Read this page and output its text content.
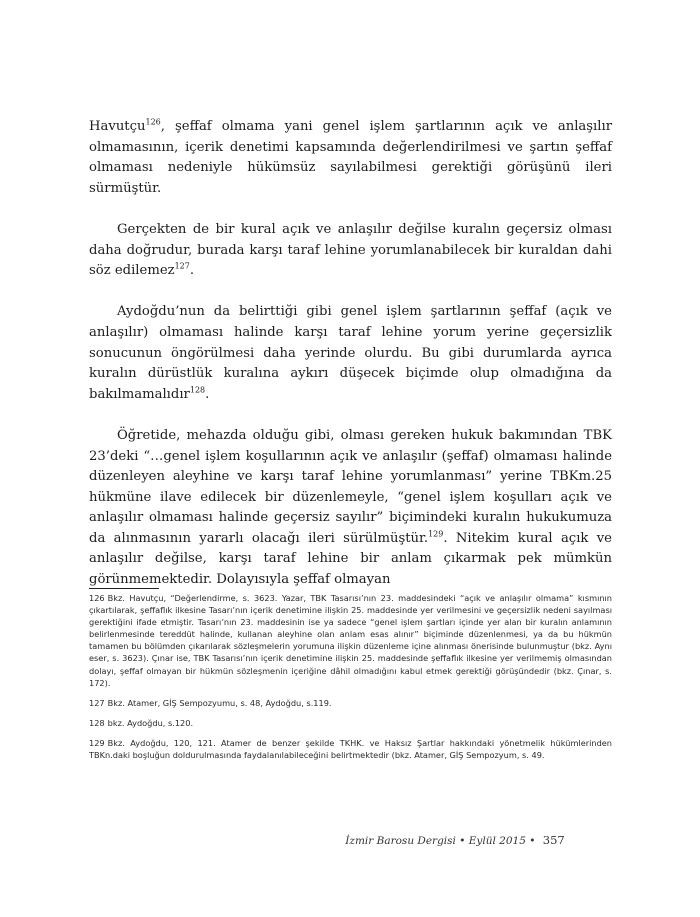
Havutçu$^{126}$, şeffaf olmama yani genel işlem şartlarının açık ve anlaşılır olmamasının, içerik denetimi kapsamında değerlendirilmesi ve şartın şeffaf olmaması nedeniyle hükümsüz sayılabilmesi gerektiği görüşünü ileri sürmüştür.

Gerçekten de bir kural açık ve anlaşılır değilse kuralın geçersiz olması daha doğrudur, burada karşı taraf lehine yorumlanabilecek bir kuraldan dahi söz edilemez$^{127}$.

Aydoğdu’nun da belirttiği gibi genel işlem şartlarının şeffaf (açık ve anlaşılır) olmaması halinde karşı taraf lehine yorum yerine geçersizlik sonucunun öngörülmesi daha yerinde olurdu. Bu gibi durumlarda ayrıca kuralın dürüstlük kuralına aykırı düşecek biçimde olup olmadığına da bakılmamalıdır$^{128}$.

Öğretide, mehazda olduğu gibi, olması gereken hukuk bakımından TBK 23’deki “…genel işlem koşullarının açık ve anlaşılır (şeffaf) olmaması halinde düzenleyen aleyhine ve karşı taraf lehine yorumlanması” yerine TBKm.25 hükmüne ilave edilecek bir düzenlemeyle, “genel işlem koşulları açık ve anlaşılır olmaması halinde geçersiz sayılır” biçimindeki kuralın hukukumuza da alınmasının yararlı olacağı ileri sürülmüştür.$^{129}$. Nitekim kural açık ve anlaşılır değilse, karşı taraf lehine bir anlam çıkarmak pek mümkün görünmemektedir. Dolayısıyla şeffaf olmayan

126 Bkz. Havutçu, “Değerlendirme, s. 3623. Yazar, TBK Tasarısı’nın 23. maddesindeki “açık ve anlaşılır olmama” kısmının çıkartılarak, şeffaflık ilkesine Tasarı’nın içerik denetimine ilişkin 25. maddesinde yer verilmesini ve geçersizlik nedeni sayılması gerektiğini ifade etmiştir. Tasarı’nın 23. maddesinin ise ya sadece “genel işlem şartları içinde yer alan bir kuralın anlamının belirlenmesinde tereddüt halinde, kullanan aleyhine olan anlam esas alınır” biçiminde düzenlenmesi, ya da bu hükmün tamamen bu bölümden çıkarılarak sözleşmelerin yorumuna ilişkin düzenleme içine alınması önerisinde bulunmuştur (bkz. Aynı eser, s. 3623). Çınar ise, TBK Tasarısı’nın içerik denetimine ilişkin 25. maddesinde şeffaflık ilkesine yer verilmemiş olmasından dolayı, şeffaf olmayan bir hükmün sözleşmenin içeriğine dâhil olmadığını kabul etmek gerektiği görüşündedir (bkz. Çınar, s. 172).
127 Bkz. Atamer, GİŞ Sempozyumu, s. 48, Aydoğdu, s.119.
128 bkz. Aydoğdu, s.120.
129 Bkz. Aydoğdu, 120, 121. Atamer de benzer şekilde TKHK. ve Haksız Şartlar hakkındaki yönetmelik hükümlerinden TBKn.daki boşluğun doldurulmasında faydalanılabileceğini belirtmektedir (bkz. Atamer, GİŞ Sempozyum, s. 49.
İzmir Barosu Dergisi • Eylül 2015 • 357
